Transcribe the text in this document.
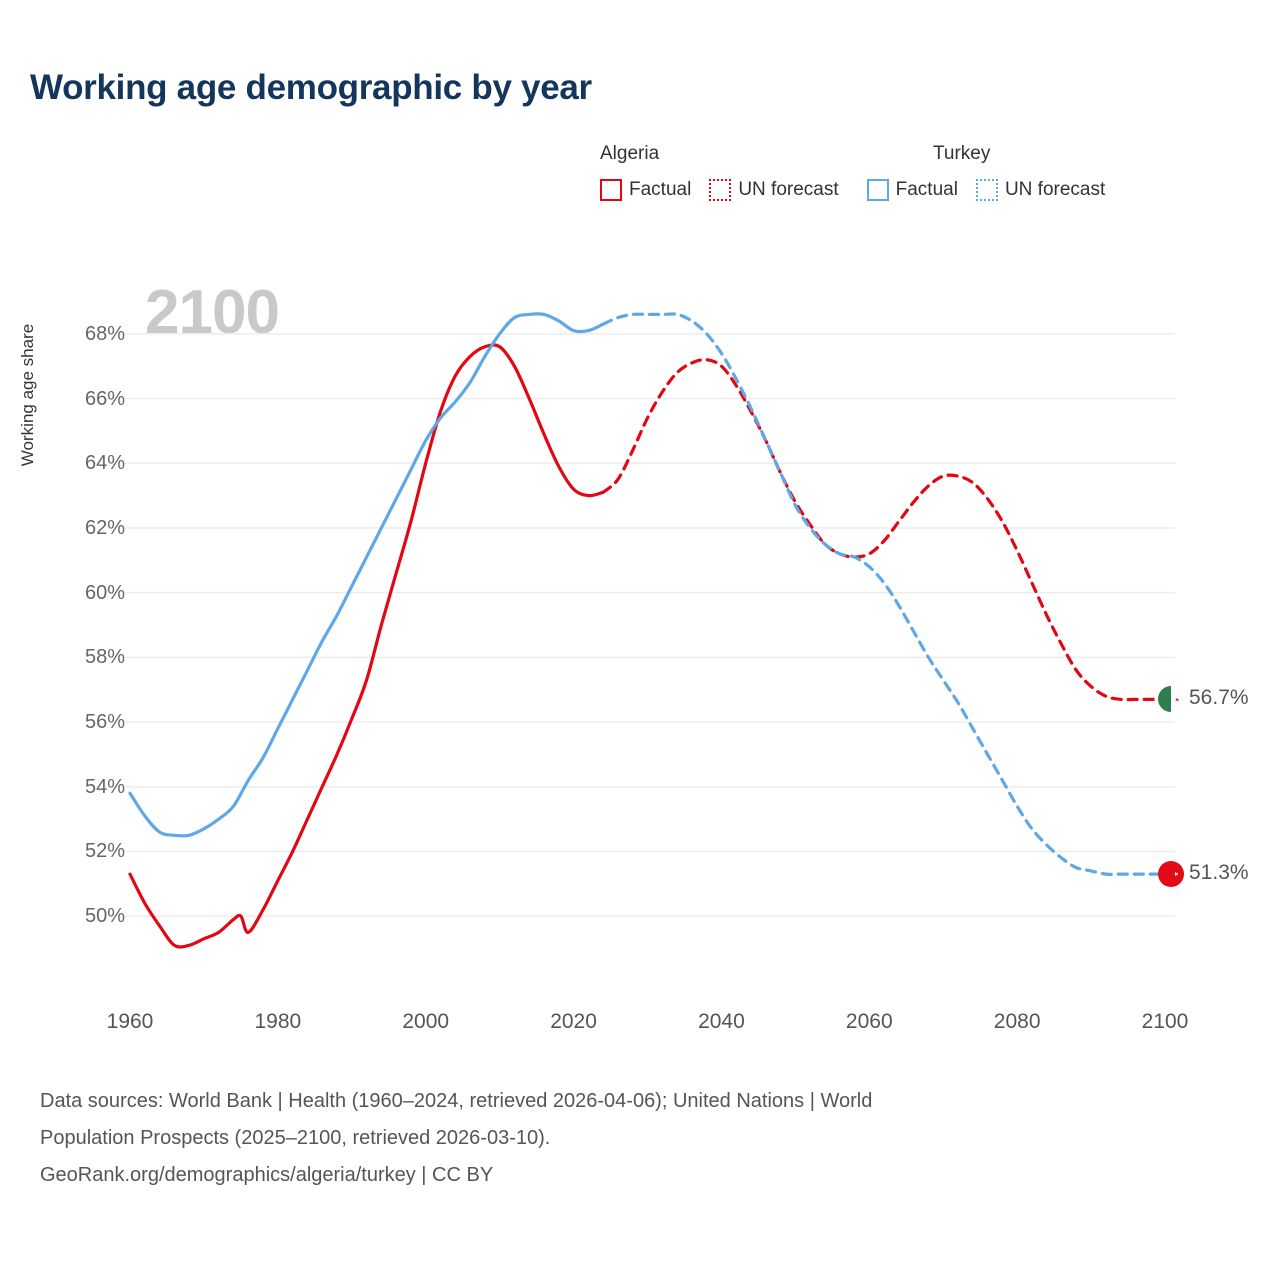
Working age demographic by year
Algeria	Turkey
Factual UN forecast	Factual UN forecast
2100
Working age share
50%
52%
54%
56%
58%
60%
62%
64%
66%
68%
1960	1980	2000	2020	2040	2060	2080	2100
56.7%
51.3%
Data sources: World Bank | Health (1960–2024, retrieved 2026-04-06); United Nations | World
Population Prospects (2025–2100, retrieved 2026-03-10).
GeoRank.org/demographics/algeria/turkey | CC BY
